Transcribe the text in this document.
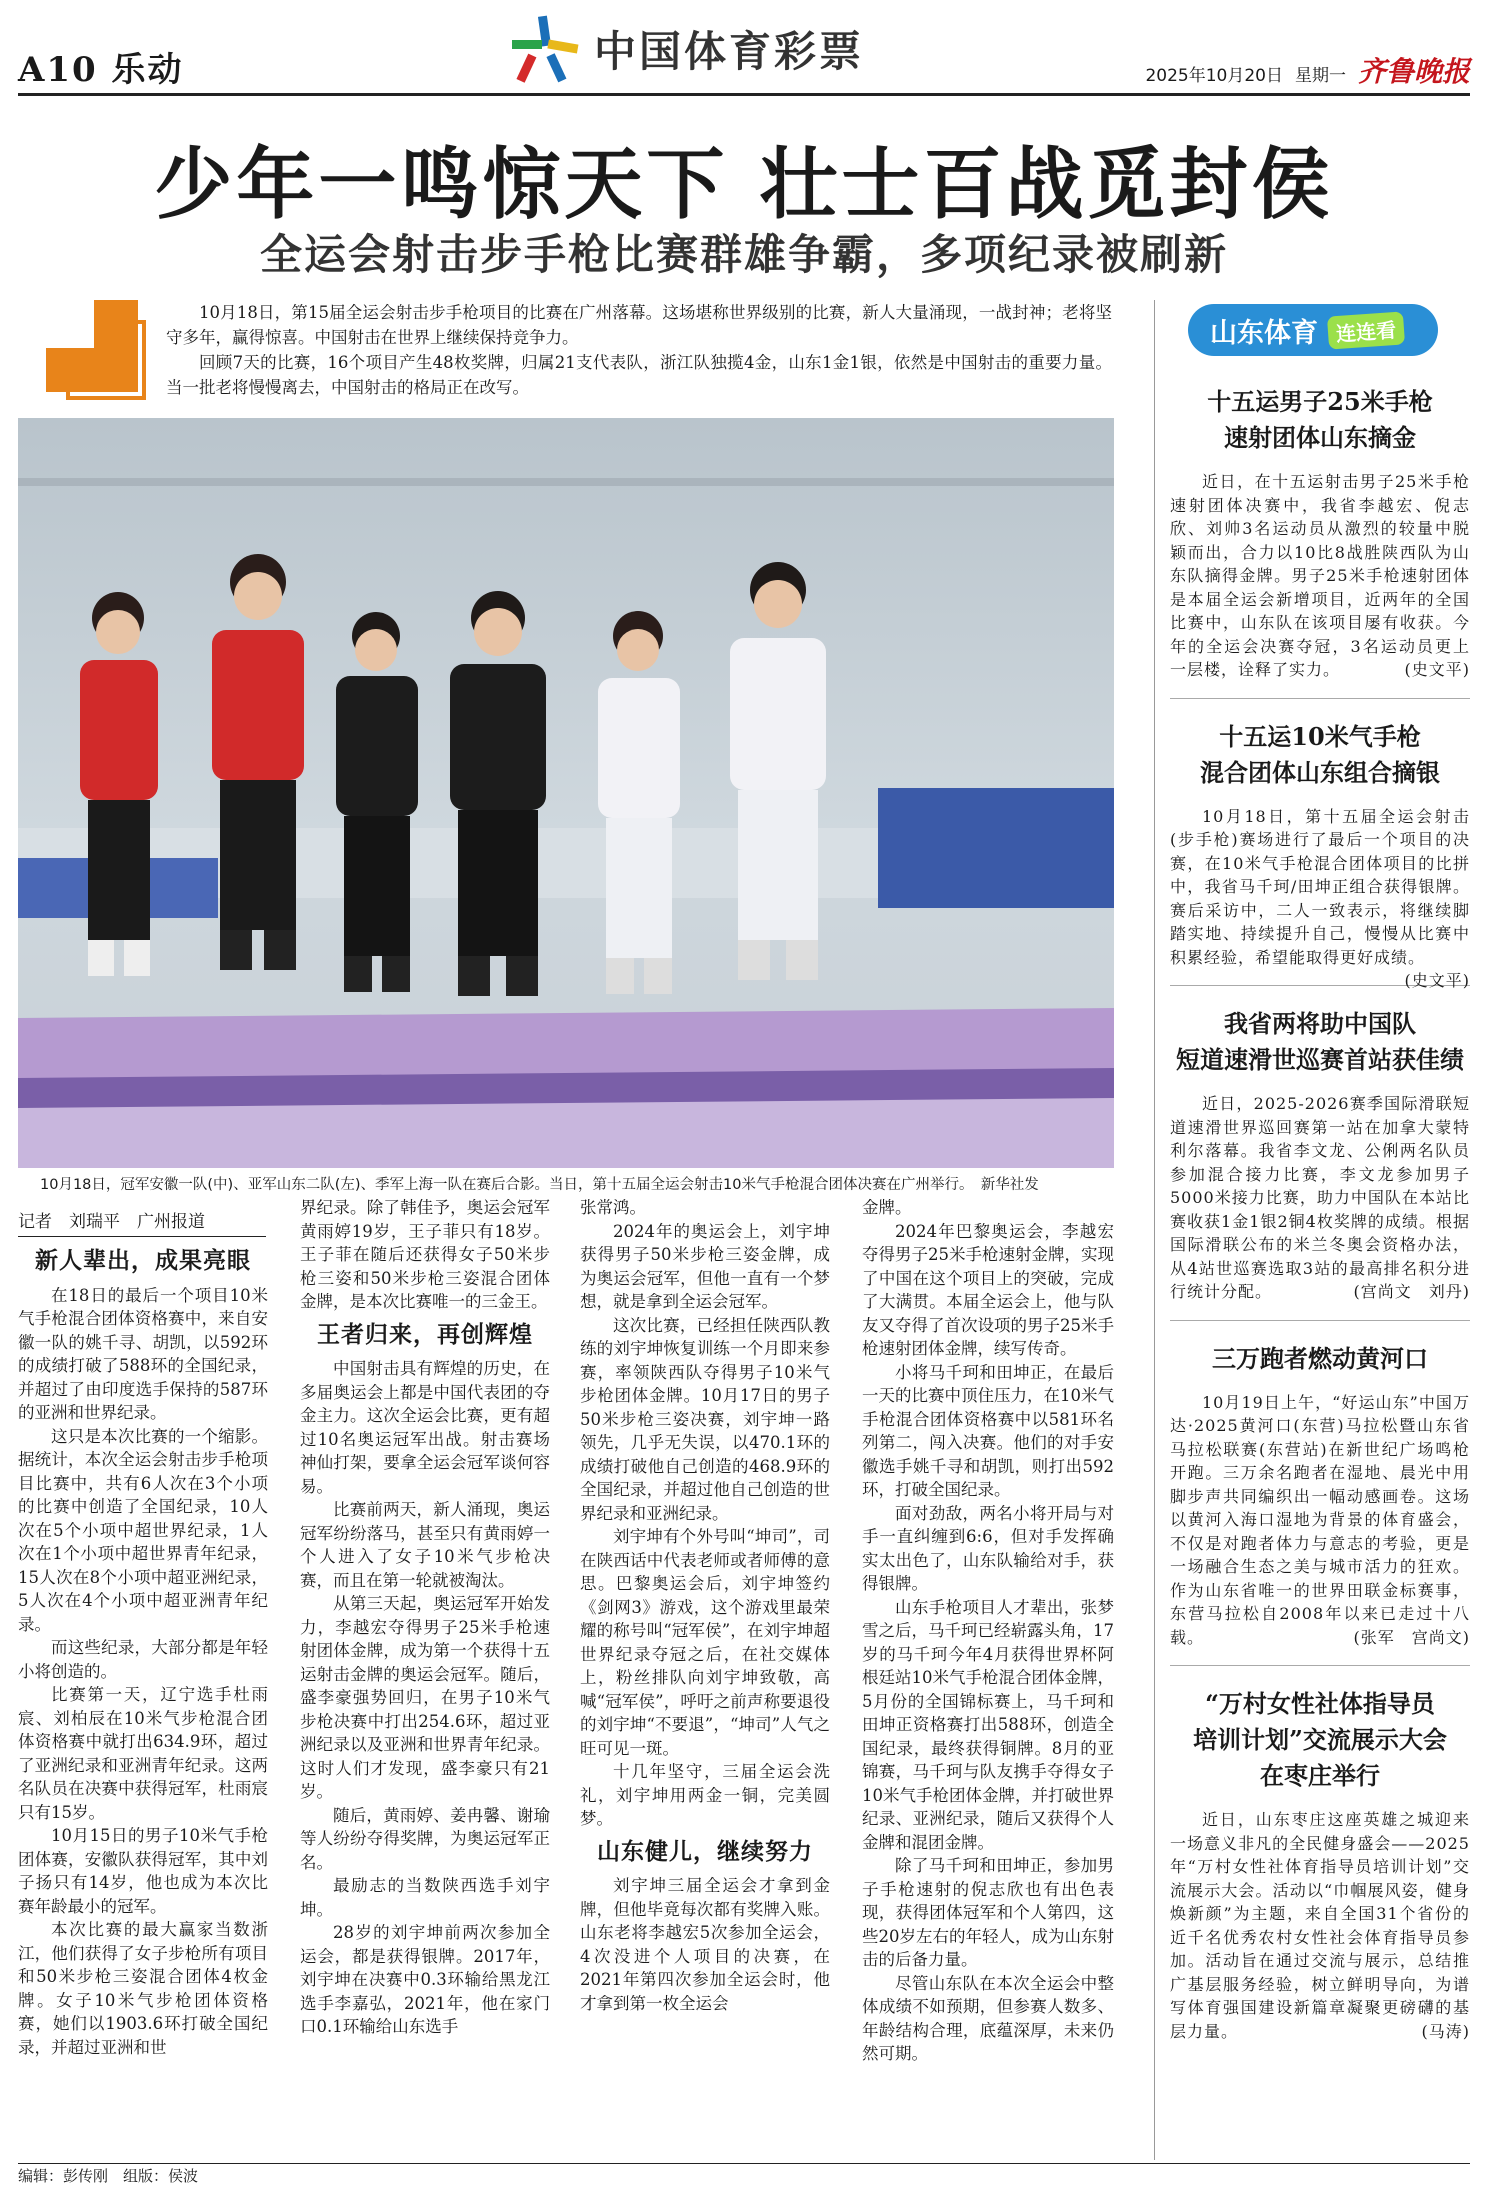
A10 乐动	中国体育彩票
2025年10月20日 星期一 齐鲁晚报
少年一鸣惊天下 壮士百战觅封侯
全运会射击步手枪比赛群雄争霸，多项纪录被刷新

10月18日，第15届全运会射击步手枪项目的比赛在广州落幕。这场堪称世界级别的比赛，新人大量涌现，一战封神；老将坚守多年，赢得惊喜。中国射击在世界上继续保持竞争力。

回顾7天的比赛，16个项目产生48枚奖牌，归属21支代表队，浙江队独揽4金，山东1金1银，依然是中国射击的重要力量。当一批老将慢慢离去，中国射击的格局正在改写。

10月18日，冠军安徽一队(中)、亚军山东二队(左)、季军上海一队在赛后合影。当日，第十五届全运会射击10米气手枪混合团体决赛在广州举行。　新华社发
记者　刘瑞平　广州报道
新人辈出，成果亮眼

在18日的最后一个项目10米气手枪混合团体资格赛中，来自安徽一队的姚千寻、胡凯，以592环的成绩打破了588环的全国纪录，并超过了由印度选手保持的587环的亚洲和世界纪录。

这只是本次比赛的一个缩影。据统计，本次全运会射击步手枪项目比赛中，共有6人次在3个小项的比赛中创造了全国纪录，10人次在5个小项中超世界纪录，1人次在1个小项中超世界青年纪录，15人次在8个小项中超亚洲纪录，5人次在4个小项中超亚洲青年纪录。

而这些纪录，大部分都是年轻小将创造的。

比赛第一天，辽宁选手杜雨宸、刘柏辰在10米气步枪混合团体资格赛中就打出634.9环，超过了亚洲纪录和亚洲青年纪录。这两名队员在决赛中获得冠军，杜雨宸只有15岁。

10月15日的男子10米气手枪团体赛，安徽队获得冠军，其中刘子扬只有14岁，他也成为本次比赛年龄最小的冠军。

本次比赛的最大赢家当数浙江，他们获得了女子步枪所有项目和50米步枪三姿混合团体4枚金牌。女子10米气步枪团体资格赛，她们以1903.6环打破全国纪录，并超过亚洲和世

界纪录。除了韩佳予，奥运会冠军黄雨婷19岁，王子菲只有18岁。王子菲在随后还获得女子50米步枪三姿和50米步枪三姿混合团体金牌，是本次比赛唯一的三金王。

王者归来，再创辉煌

中国射击具有辉煌的历史，在多届奥运会上都是中国代表团的夺金主力。这次全运会比赛，更有超过10名奥运冠军出战。射击赛场神仙打架，要拿全运会冠军谈何容易。

比赛前两天，新人涌现，奥运冠军纷纷落马，甚至只有黄雨婷一个人进入了女子10米气步枪决赛，而且在第一轮就被淘汰。

从第三天起，奥运冠军开始发力，李越宏夺得男子25米手枪速射团体金牌，成为第一个获得十五运射击金牌的奥运会冠军。随后，盛李豪强势回归，在男子10米气步枪决赛中打出254.6环，超过亚洲纪录以及亚洲和世界青年纪录。这时人们才发现，盛李豪只有21岁。

随后，黄雨婷、姜冉馨、谢瑜等人纷纷夺得奖牌，为奥运冠军正名。

最励志的当数陕西选手刘宇坤。

28岁的刘宇坤前两次参加全运会，都是获得银牌。2017年，刘宇坤在决赛中0.3环输给黑龙江选手李嘉弘，2021年，他在家门口0.1环输给山东选手

张常鸿。

2024年的奥运会上，刘宇坤获得男子50米步枪三姿金牌，成为奥运会冠军，但他一直有一个梦想，就是拿到全运会冠军。

这次比赛，已经担任陕西队教练的刘宇坤恢复训练一个月即来参赛，率领陕西队夺得男子10米气步枪团体金牌。10月17日的男子50米步枪三姿决赛，刘宇坤一路领先，几乎无失误，以470.1环的成绩打破他自己创造的468.9环的全国纪录，并超过他自己创造的世界纪录和亚洲纪录。

刘宇坤有个外号叫“坤司”，司在陕西话中代表老师或者师傅的意思。巴黎奥运会后，刘宇坤签约《剑网3》游戏，这个游戏里最荣耀的称号叫“冠军侯”，在刘宇坤超世界纪录夺冠之后，在社交媒体上，粉丝排队向刘宇坤致敬，高喊“冠军侯”，呼吁之前声称要退役的刘宇坤“不要退”，“坤司”人气之旺可见一斑。

十几年坚守，三届全运会洗礼，刘宇坤用两金一铜，完美圆梦。

山东健儿，继续努力

刘宇坤三届全运会才拿到金牌，但他毕竟每次都有奖牌入账。山东老将李越宏5次参加全运会，4次没进个人项目的决赛，在2021年第四次参加全运会时，他才拿到第一枚全运会

金牌。

2024年巴黎奥运会，李越宏夺得男子25米手枪速射金牌，实现了中国在这个项目上的突破，完成了大满贯。本届全运会上，他与队友又夺得了首次设项的男子25米手枪速射团体金牌，续写传奇。

小将马千珂和田坤正，在最后一天的比赛中顶住压力，在10米气手枪混合团体资格赛中以581环名列第二，闯入决赛。他们的对手安徽选手姚千寻和胡凯，则打出592环，打破全国纪录。

面对劲敌，两名小将开局与对手一直纠缠到6:6，但对手发挥确实太出色了，山东队输给对手，获得银牌。

山东手枪项目人才辈出，张梦雪之后，马千珂已经崭露头角，17岁的马千珂今年4月获得世界杯阿根廷站10米气手枪混合团体金牌，5月份的全国锦标赛上，马千珂和田坤正资格赛打出588环，创造全国纪录，最终获得铜牌。8月的亚锦赛，马千珂与队友携手夺得女子10米气手枪团体金牌，并打破世界纪录、亚洲纪录，随后又获得个人金牌和混团金牌。

除了马千珂和田坤正，参加男子手枪速射的倪志欣也有出色表现，获得团体冠军和个人第四，这些20岁左右的年轻人，成为山东射击的后备力量。

尽管山东队在本次全运会中整体成绩不如预期，但参赛人数多、年龄结构合理，底蕴深厚，未来仍然可期。

山东体育 连连看
十五运男子25米手枪
速射团体山东摘金

近日，在十五运射击男子25米手枪速射团体决赛中，我省李越宏、倪志欣、刘帅3名运动员从激烈的较量中脱颖而出，合力以10比8战胜陕西队为山东队摘得金牌。男子25米手枪速射团体是本届全运会新增项目，近两年的全国比赛中，山东队在该项目屡有收获。今年的全运会决赛夺冠，3名运动员更上一层楼，诠释了实力。	(史文平)

十五运10米气手枪
混合团体山东组合摘银

10月18日，第十五届全运会射击(步手枪)赛场进行了最后一个项目的决赛，在10米气手枪混合团体项目的比拼中，我省马千珂/田坤正组合获得银牌。赛后采访中，二人一致表示，将继续脚踏实地、持续提升自己，慢慢从比赛中积累经验，希望能取得更好成绩。
(史文平)

我省两将助中国队
短道速滑世巡赛首站获佳绩

近日，2025-2026赛季国际滑联短道速滑世界巡回赛第一站在加拿大蒙特利尔落幕。我省李文龙、公俐两名队员参加混合接力比赛，李文龙参加男子5000米接力比赛，助力中国队在本站比赛收获1金1银2铜4枚奖牌的成绩。根据国际滑联公布的米兰冬奥会资格办法，从4站世巡赛选取3站的最高排名积分进行统计分配。	(宫尚文　刘丹)

三万跑者燃动黄河口

10月19日上午，“好运山东”中国万达·2025黄河口(东营)马拉松暨山东省马拉松联赛(东营站)在新世纪广场鸣枪开跑。三万余名跑者在湿地、晨光中用脚步声共同编织出一幅动感画卷。这场以黄河入海口湿地为背景的体育盛会，不仅是对跑者体力与意志的考验，更是一场融合生态之美与城市活力的狂欢。作为山东省唯一的世界田联金标赛事，东营马拉松自2008年以来已走过十八载。	(张军　宫尚文)

“万村女性社体指导员
培训计划”交流展示大会
在枣庄举行

近日，山东枣庄这座英雄之城迎来一场意义非凡的全民健身盛会——2025年“万村女性社体育指导员培训计划”交流展示大会。活动以“巾帼展风姿，健身焕新颜”为主题，来自全国31个省份的近千名优秀农村女性社会体育指导员参加。活动旨在通过交流与展示，总结推广基层服务经验，树立鲜明导向，为谱写体育强国建设新篇章凝聚更磅礴的基层力量。	(马涛)

编辑：彭传刚　组版：侯波
